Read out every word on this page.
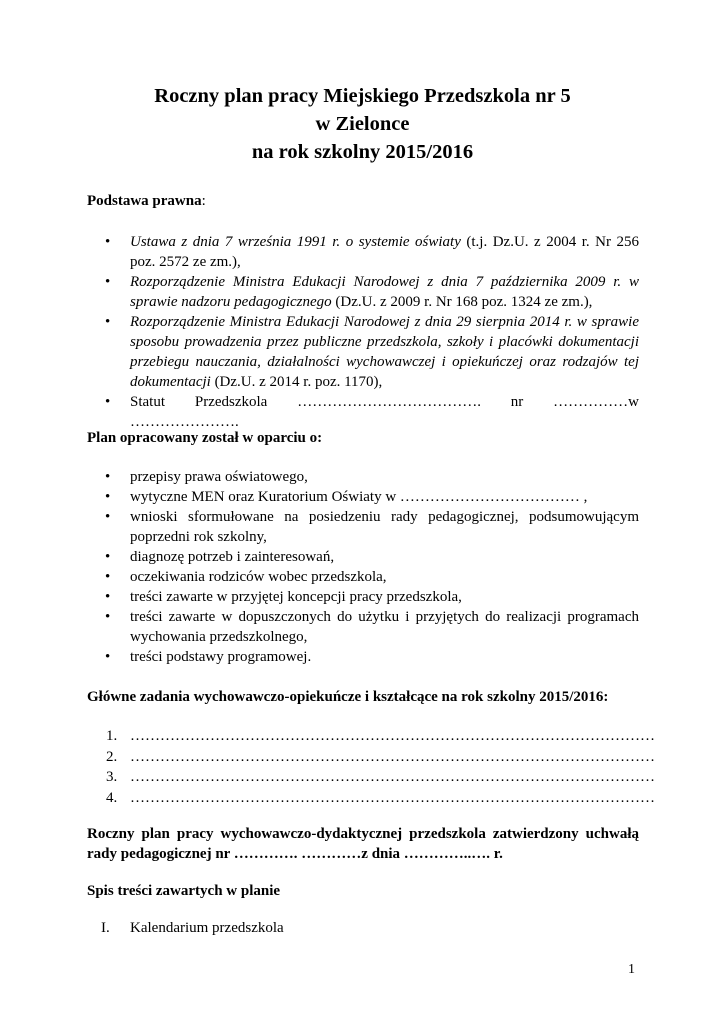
Roczny plan pracy Miejskiego Przedszkola nr 5
w Zielonce
na rok szkolny 2015/2016
Podstawa prawna:
• Ustawa z dnia 7 września 1991 r. o systemie oświaty (t.j. Dz.U. z 2004 r. Nr 256 poz. 2572 ze zm.),
• Rozporządzenie Ministra Edukacji Narodowej z dnia 7 października 2009 r. w sprawie nadzoru pedagogicznego (Dz.U. z 2009 r. Nr 168 poz. 1324 ze zm.),
• Rozporządzenie Ministra Edukacji Narodowej z dnia 29 sierpnia 2014 r. w sprawie sposobu prowadzenia przez publiczne przedszkola, szkoły i placówki dokumentacji przebiegu nauczania, działalności wychowawczej i opiekuńczej oraz rodzajów tej dokumentacji (Dz.U. z 2014 r. poz. 1170),
• Statut Przedszkola ………………………………. nr ……………w ………………….
Plan opracowany został w oparciu o:
• przepisy prawa oświatowego,
• wytyczne MEN oraz Kuratorium Oświaty w ……………………………… ,
• wnioski sformułowane na posiedzeniu rady pedagogicznej, podsumowującym poprzedni rok szkolny,
• diagnozę potrzeb i zainteresowań,
• oczekiwania rodziców wobec przedszkola,
• treści zawarte w przyjętej koncepcji pracy przedszkola,
• treści zawarte w dopuszczonych do użytku i przyjętych do realizacji programach wychowania przedszkolnego,
• treści podstawy programowej.
Główne zadania wychowawczo-opiekuńcze i kształcące na rok szkolny 2015/2016:
1. ……………………………………………………………………………………………
2. ……………………………………………………………………………………………
3. ……………………………………………………………………………………………
4. ……………………………………………………………………………………………
Roczny plan pracy wychowawczo-dydaktycznej przedszkola zatwierdzony uchwałą rady pedagogicznej nr …………. …………z dnia …………..…. r.
Spis treści zawartych w planie
I. Kalendarium przedszkola
1
